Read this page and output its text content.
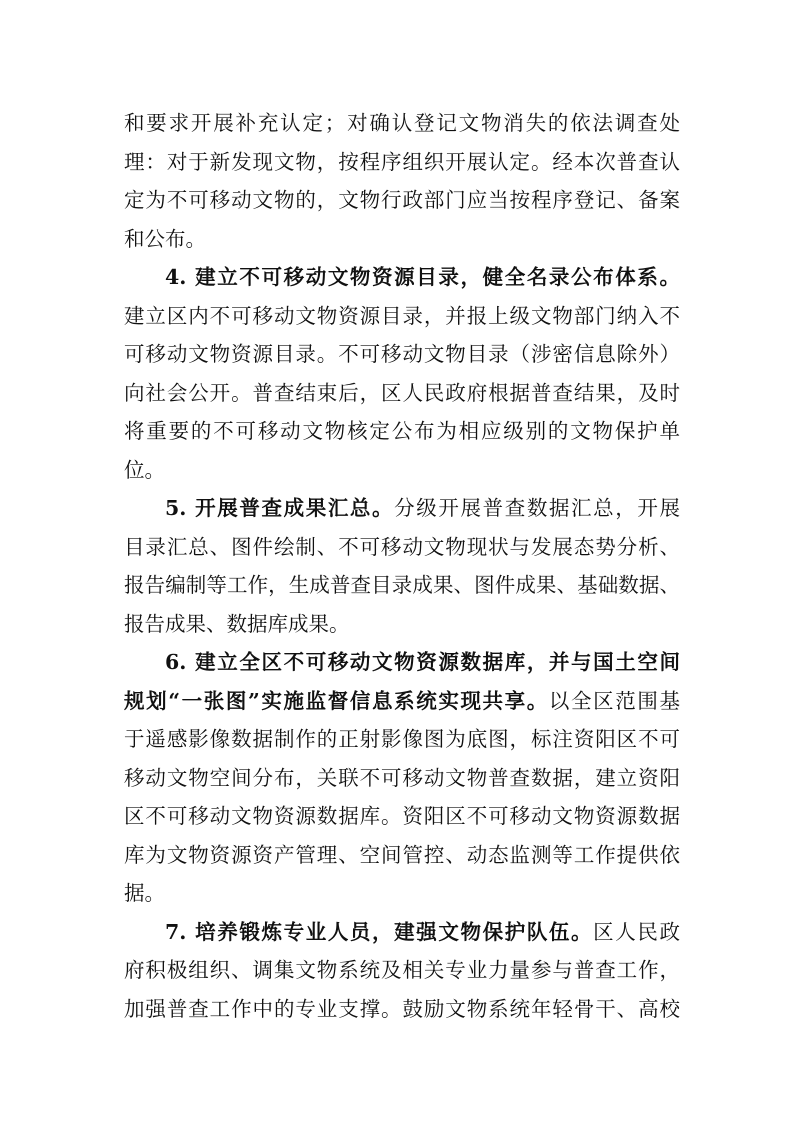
和要求开展补充认定；对确认登记文物消失的依法调查处
理：对于新发现文物，按程序组织开展认定。经本次普查认
定为不可移动文物的，文物行政部门应当按程序登记、备案
和公布。
4. 建立不可移动文物资源目录，健全名录公布体系。
建立区内不可移动文物资源目录，并报上级文物部门纳入不
可移动文物资源目录。不可移动文物目录（涉密信息除外）
向社会公开。普查结束后，区人民政府根据普查结果，及时
将重要的不可移动文物核定公布为相应级别的文物保护单
位。
5. 开展普查成果汇总。分级开展普查数据汇总，开展
目录汇总、图件绘制、不可移动文物现状与发展态势分析、
报告编制等工作，生成普查目录成果、图件成果、基础数据、
报告成果、数据库成果。
6. 建立全区不可移动文物资源数据库，并与国土空间
规划“一张图”实施监督信息系统实现共享。以全区范围基
于遥感影像数据制作的正射影像图为底图，标注资阳区不可
移动文物空间分布，关联不可移动文物普查数据，建立资阳
区不可移动文物资源数据库。资阳区不可移动文物资源数据
库为文物资源资产管理、空间管控、动态监测等工作提供依
据。
7. 培养锻炼专业人员，建强文物保护队伍。区人民政
府积极组织、调集文物系统及相关专业力量参与普查工作，
加强普查工作中的专业支撑。鼓励文物系统年轻骨干、高校
